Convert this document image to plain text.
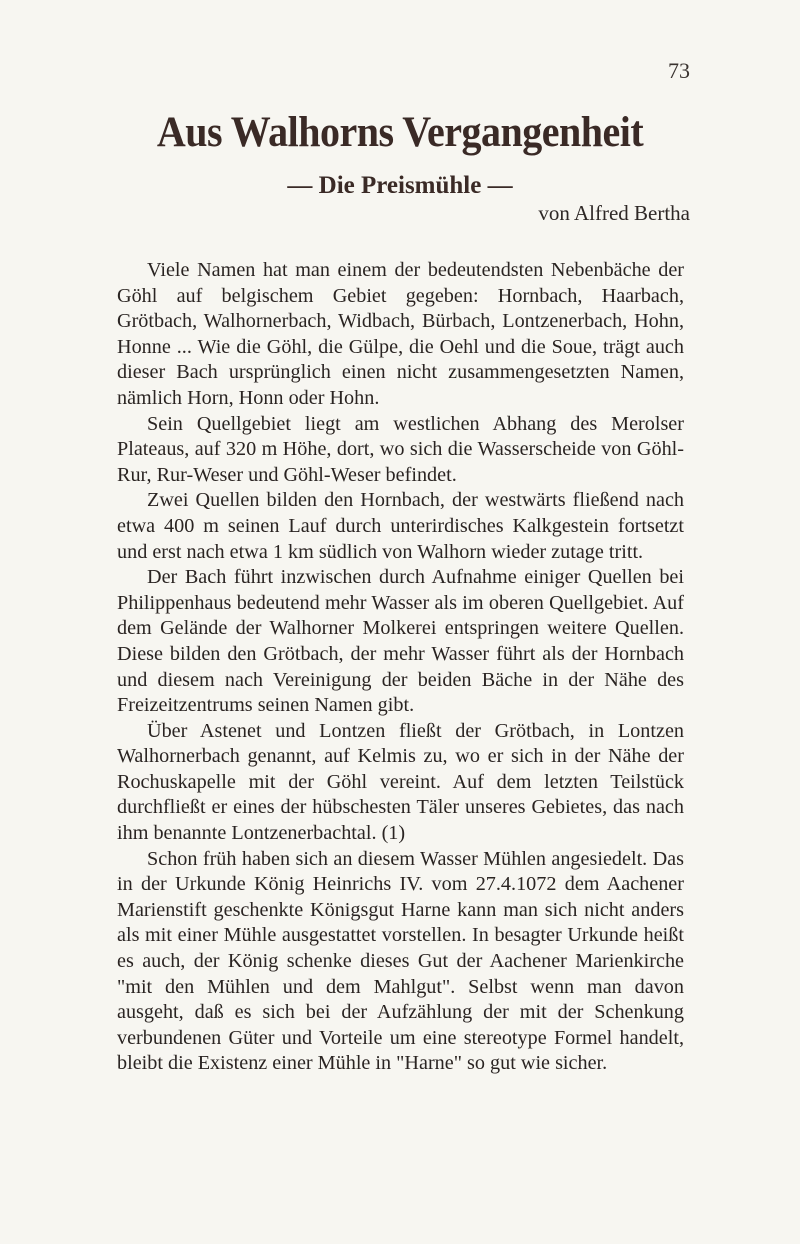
73
Aus Walhorns Vergangenheit
— Die Preismühle —
von Alfred Bertha

Viele Namen hat man einem der bedeutendsten Nebenbäche der Göhl auf belgischem Gebiet gegeben: Hornbach, Haarbach, Grötbach, Walhornerbach, Widbach, Bürbach, Lontzenerbach, Hohn, Honne ... Wie die Göhl, die Gülpe, die Oehl und die Soue, trägt auch dieser Bach ursprünglich einen nicht zusammengesetzten Namen, nämlich Horn, Honn oder Hohn.

Sein Quellgebiet liegt am westlichen Abhang des Merolser Plateaus, auf 320 m Höhe, dort, wo sich die Wasserscheide von Göhl-Rur, Rur-Weser und Göhl-Weser befindet.

Zwei Quellen bilden den Hornbach, der westwärts fließend nach etwa 400 m seinen Lauf durch unterirdisches Kalkgestein fortsetzt und erst nach etwa 1 km südlich von Walhorn wieder zutage tritt.

Der Bach führt inzwischen durch Aufnahme einiger Quellen bei Philippenhaus bedeutend mehr Wasser als im oberen Quellgebiet. Auf dem Gelände der Walhorner Molkerei entspringen weitere Quellen. Diese bilden den Grötbach, der mehr Wasser führt als der Hornbach und diesem nach Vereinigung der beiden Bäche in der Nähe des Freizeitzentrums seinen Namen gibt.

Über Astenet und Lontzen fließt der Grötbach, in Lontzen Walhornerbach genannt, auf Kelmis zu, wo er sich in der Nähe der Rochuskapelle mit der Göhl vereint. Auf dem letzten Teilstück durchfließt er eines der hübschesten Täler unseres Gebietes, das nach ihm benannte Lontzenerbachtal. (1)

Schon früh haben sich an diesem Wasser Mühlen angesiedelt. Das in der Urkunde König Heinrichs IV. vom 27.4.1072 dem Aachener Marienstift geschenkte Königsgut Harne kann man sich nicht anders als mit einer Mühle ausgestattet vorstellen. In besagter Urkunde heißt es auch, der König schenke dieses Gut der Aachener Marienkirche "mit den Mühlen und dem Mahlgut". Selbst wenn man davon ausgeht, daß es sich bei der Aufzählung der mit der Schenkung verbundenen Güter und Vorteile um eine stereotype Formel handelt, bleibt die Existenz einer Mühle in "Harne" so gut wie sicher.
